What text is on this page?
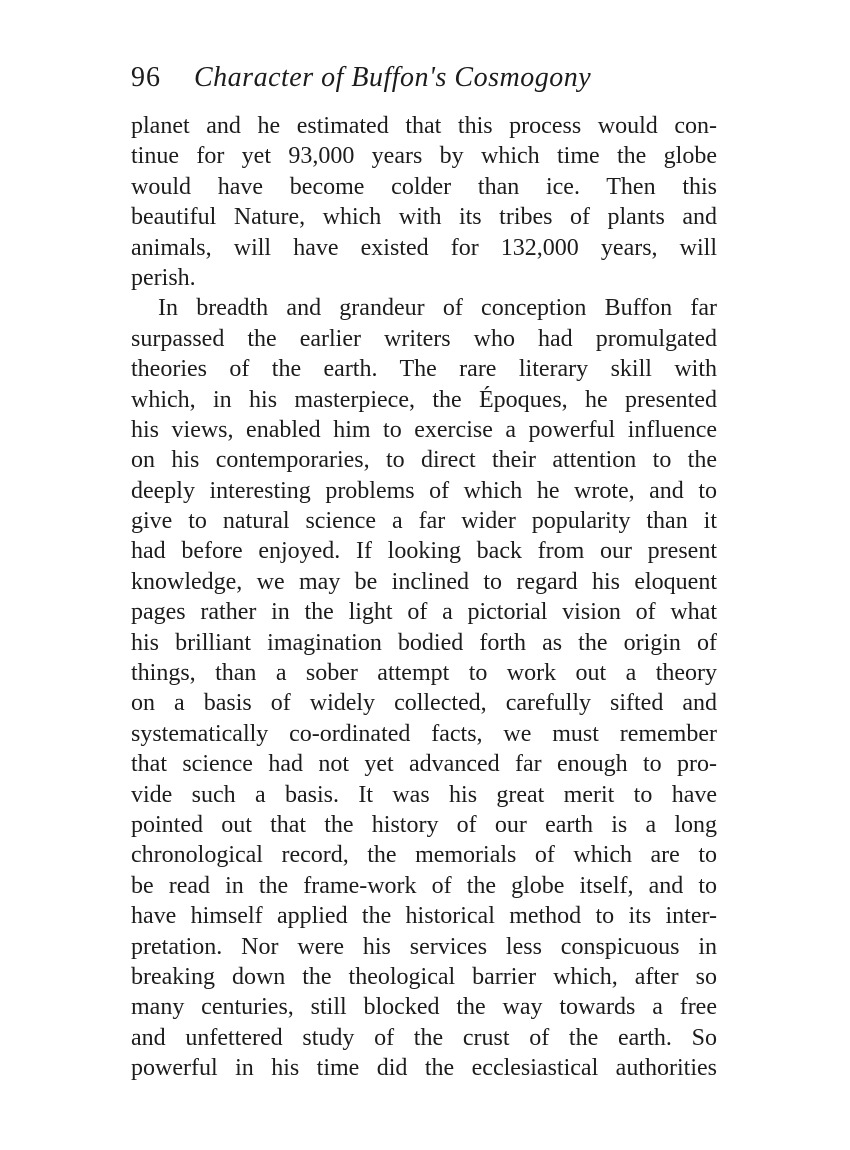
96 Character of Buffon's Cosmogony
planet and he estimated that this process would con-
tinue for yet 93,000 years by which time the globe
would have become colder than ice. Then this
beautiful Nature, which with its tribes of plants and
animals, will have existed for 132,000 years, will
perish.
In breadth and grandeur of conception Buffon far
surpassed the earlier writers who had promulgated
theories of the earth. The rare literary skill with
which, in his masterpiece, the Époques, he presented
his views, enabled him to exercise a powerful influence
on his contemporaries, to direct their attention to the
deeply interesting problems of which he wrote, and to
give to natural science a far wider popularity than it
had before enjoyed. If looking back from our present
knowledge, we may be inclined to regard his eloquent
pages rather in the light of a pictorial vision of what
his brilliant imagination bodied forth as the origin of
things, than a sober attempt to work out a theory
on a basis of widely collected, carefully sifted and
systematically co-ordinated facts, we must remember
that science had not yet advanced far enough to pro-
vide such a basis. It was his great merit to have
pointed out that the history of our earth is a long
chronological record, the memorials of which are to
be read in the frame-work of the globe itself, and to
have himself applied the historical method to its inter-
pretation. Nor were his services less conspicuous in
breaking down the theological barrier which, after so
many centuries, still blocked the way towards a free
and unfettered study of the crust of the earth. So
powerful in his time did the ecclesiastical authorities
